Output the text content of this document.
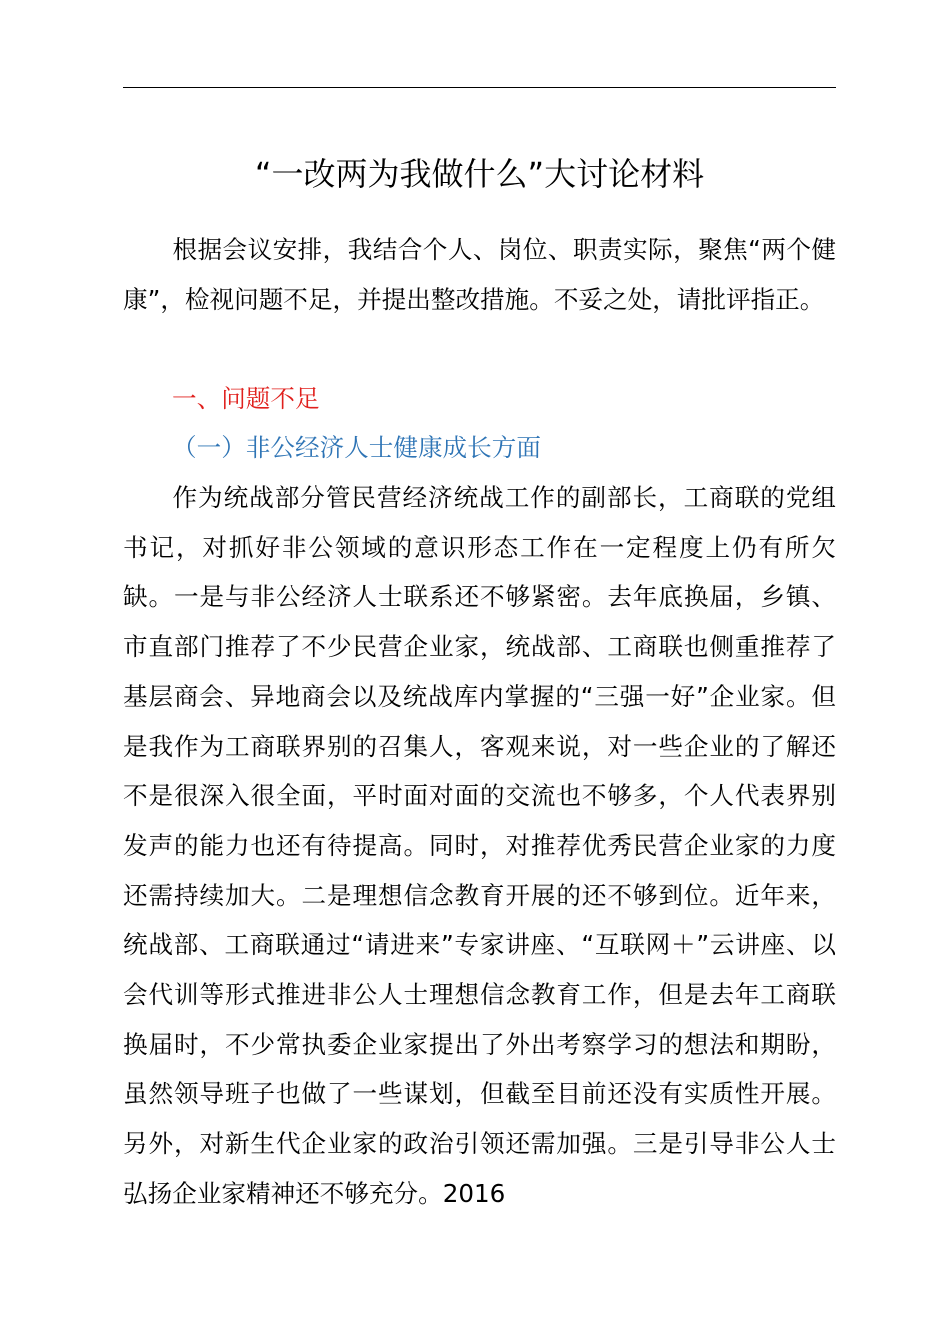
“一改两为我做什么”大讨论材料

根据会议安排，我结合个人、岗位、职责实际，聚焦“两个健康”，检视问题不足，并提出整改措施。不妥之处，请批评指正。

一、问题不足
（一）非公经济人士健康成长方面

作为统战部分管民营经济统战工作的副部长，工商联的党组书记，对抓好非公领域的意识形态工作在一定程度上仍有所欠缺。一是与非公经济人士联系还不够紧密。去年底换届，乡镇、市直部门推荐了不少民营企业家，统战部、工商联也侧重推荐了基层商会、异地商会以及统战库内掌握的“三强一好”企业家。但是我作为工商联界别的召集人，客观来说，对一些企业的了解还不是很深入很全面，平时面对面的交流也不够多，个人代表界别发声的能力也还有待提高。同时，对推荐优秀民营企业家的力度还需持续加大。二是理想信念教育开展的还不够到位。近年来，统战部、工商联通过“请进来”专家讲座、“互联网＋”云讲座、以会代训等形式推进非公人士理想信念教育工作，但是去年工商联换届时，不少常执委企业家提出了外出考察学习的想法和期盼，虽然领导班子也做了一些谋划，但截至目前还没有实质性开展。另外，对新生代企业家的政治引领还需加强。三是引导非公人士弘扬企业家精神还不够充分。2016
